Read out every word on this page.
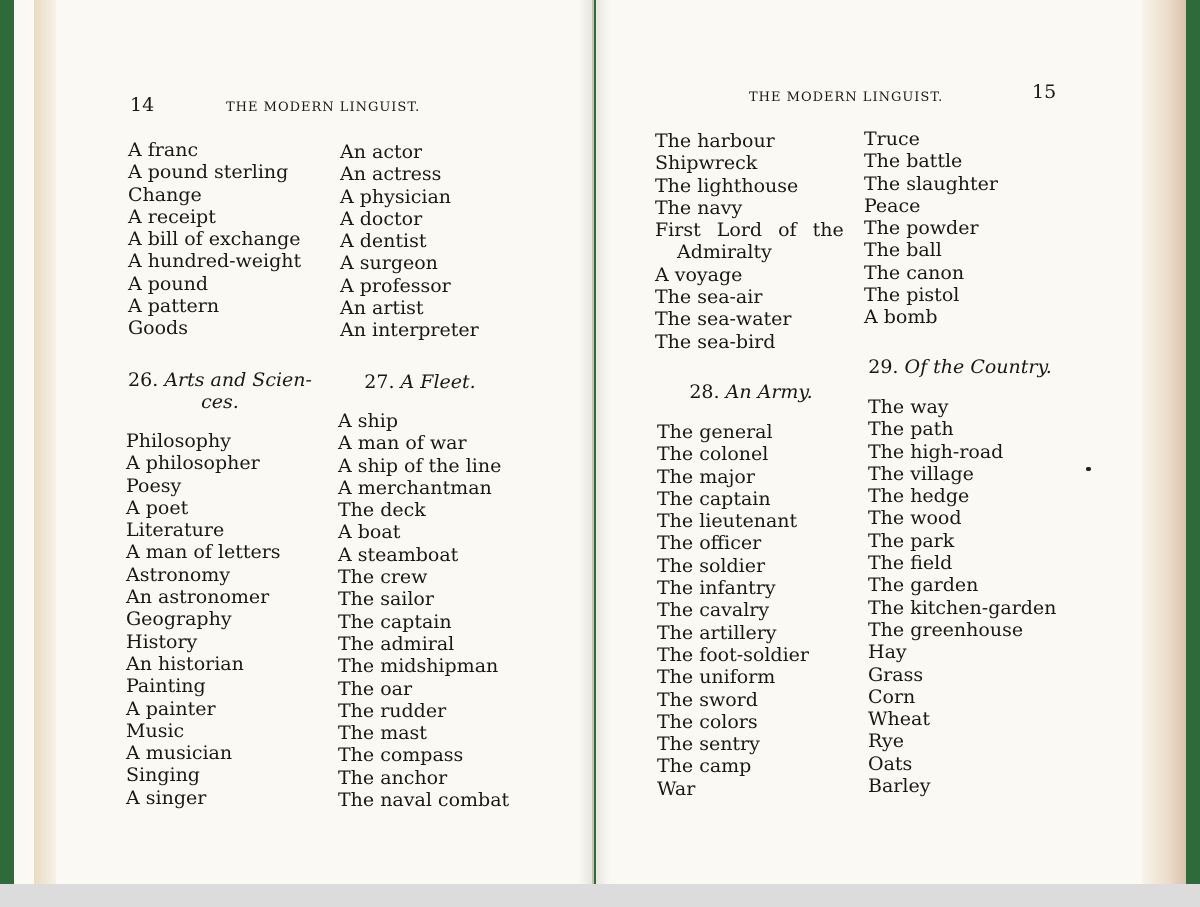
14	THE MODERN LINGUIST.
A franc
A pound sterling
Change
A receipt
A bill of exchange
A hundred-weight
A pound
A pattern
Goods
An actor
An actress
A physician
A doctor
A dentist
A surgeon
A professor
An artist
An interpreter
26. Arts and Scien-
ces.
27. A Fleet.
Philosophy
A philosopher
Poesy
A poet
Literature
A man of letters
Astronomy
An astronomer
Geography
History
An historian
Painting
A painter
Music
A musician
Singing
A singer
A ship
A man of war
A ship of the line
A merchantman
The deck
A boat
A steamboat
The crew
The sailor
The captain
The admiral
The midshipman
The oar
The rudder
The mast
The compass
The anchor
The naval combat
THE MODERN LINGUIST.	15
The harbour
Shipwreck
The lighthouse
The navy
First Lord of the
Admiralty
A voyage
The sea-air
The sea-water
The sea-bird
Truce
The battle
The slaughter
Peace
The powder
The ball
The canon
The pistol
A bomb
28. An Army.
29. Of the Country.
The general
The colonel
The major
The captain
The lieutenant
The officer
The soldier
The infantry
The cavalry
The artillery
The foot-soldier
The uniform
The sword
The colors
The sentry
The camp
War
The way
The path
The high-road
The village
The hedge
The wood
The park
The field
The garden
The kitchen-garden
The greenhouse
Hay
Grass
Corn
Wheat
Rye
Oats
Barley
